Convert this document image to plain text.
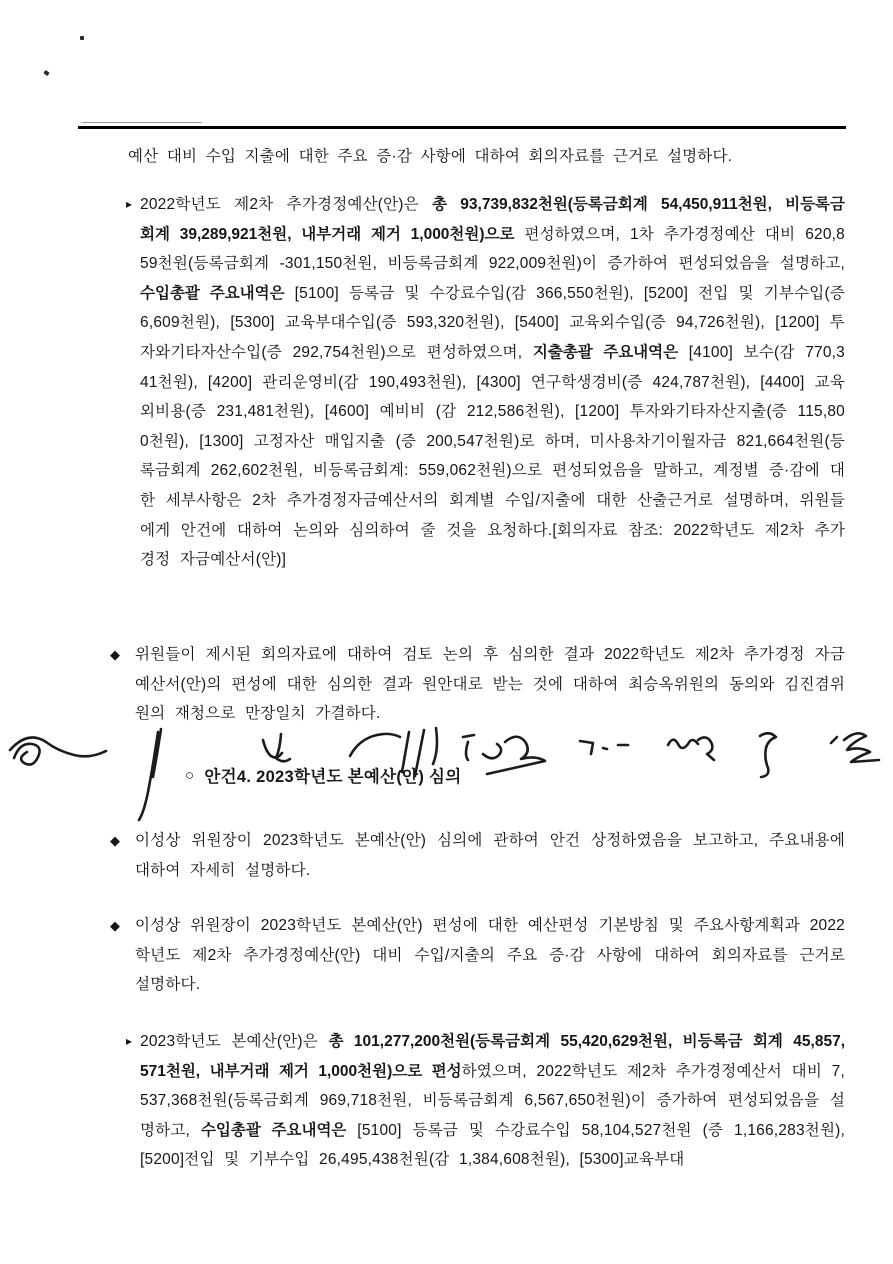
예산 대비 수입 지출에 대한 주요 증·감 사항에 대하여 회의자료를 근거로 설명하다.

▸ 2022학년도 제2차 추가경정예산(안)은 총 93,739,832천원(등록금회계 54,450,911천원, 비등록금 회계 39,289,921천원, 내부거래 제거 1,000천원)으로 편성하였으며, 1차 추가경정예산 대비 620,859천원(등록금회계 -301,150천원, 비등록금회계 922,009천원)이 증가하여 편성되었음을 설명하고, 수입총괄 주요내역은 [5100] 등록금 및 수강료수입(감 366,550천원), [5200] 전입 및 기부수입(증 6,609천원), [5300] 교육부대수입(증 593,320천원), [5400] 교육외수입(증 94,726천원), [1200] 투자와기타자산수입(증 292,754천원)으로 편성하였으며, 지출총괄 주요내역은 [4100] 보수(감 770,341천원), [4200] 관리운영비(감 190,493천원), [4300] 연구학생경비(증 424,787천원), [4400] 교육외비용(증 231,481천원), [4600] 예비비 (감 212,586천원), [1200] 투자와기타자산지출(증 115,800천원), [1300] 고정자산 매입지출 (증 200,547천원)로 하며, 미사용차기이월자금 821,664천원(등록금회계 262,602천원, 비등록금회계: 559,062천원)으로 편성되었음을 말하고, 계정별 증·감에 대한 세부사항은 2차 추가경정자금예산서의 회계별 수입/지출에 대한 산출근거로 설명하며, 위원들에게 안건에 대하여 논의와 심의하여 줄 것을 요청하다.[회의자료 참조: 2022학년도 제2차 추가경정 자금예산서(안)]
◆ 위원들이 제시된 회의자료에 대하여 검토 논의 후 심의한 결과 2022학년도 제2차 추가경정 자금예산서(안)의 편성에 대한 심의한 결과 원안대로 받는 것에 대하여 최승옥위원의 동의와 김진겸위원의 재청으로 만장일치 가결하다.
○ 안건4. 2023학년도 본예산(안) 심의
◆ 이성상 위원장이 2023학년도 본예산(안) 심의에 관하여 안건 상정하였음을 보고하고, 주요내용에 대하여 자세히 설명하다.
◆ 이성상 위원장이 2023학년도 본예산(안) 편성에 대한 예산편성 기본방침 및 주요사항계획과 2022학년도 제2차 추가경정예산(안) 대비 수입/지출의 주요 증·감 사항에 대하여 회의자료를 근거로 설명하다.
▸ 2023학년도 본예산(안)은 총 101,277,200천원(등록금회계 55,420,629천원, 비등록금 회계 45,857,571천원, 내부거래 제거 1,000천원)으로 편성하였으며, 2022학년도 제2차 추가경정예산서 대비 7,537,368천원(등록금회계 969,718천원, 비등록금회계 6,567,650천원)이 증가하여 편성되었음을 설명하고, 수입총괄 주요내역은 [5100] 등록금 및 수강료수입 58,104,527천원 (증 1,166,283천원), [5200]전입 및 기부수입 26,495,438천원(감 1,384,608천원), [5300]교육부대
